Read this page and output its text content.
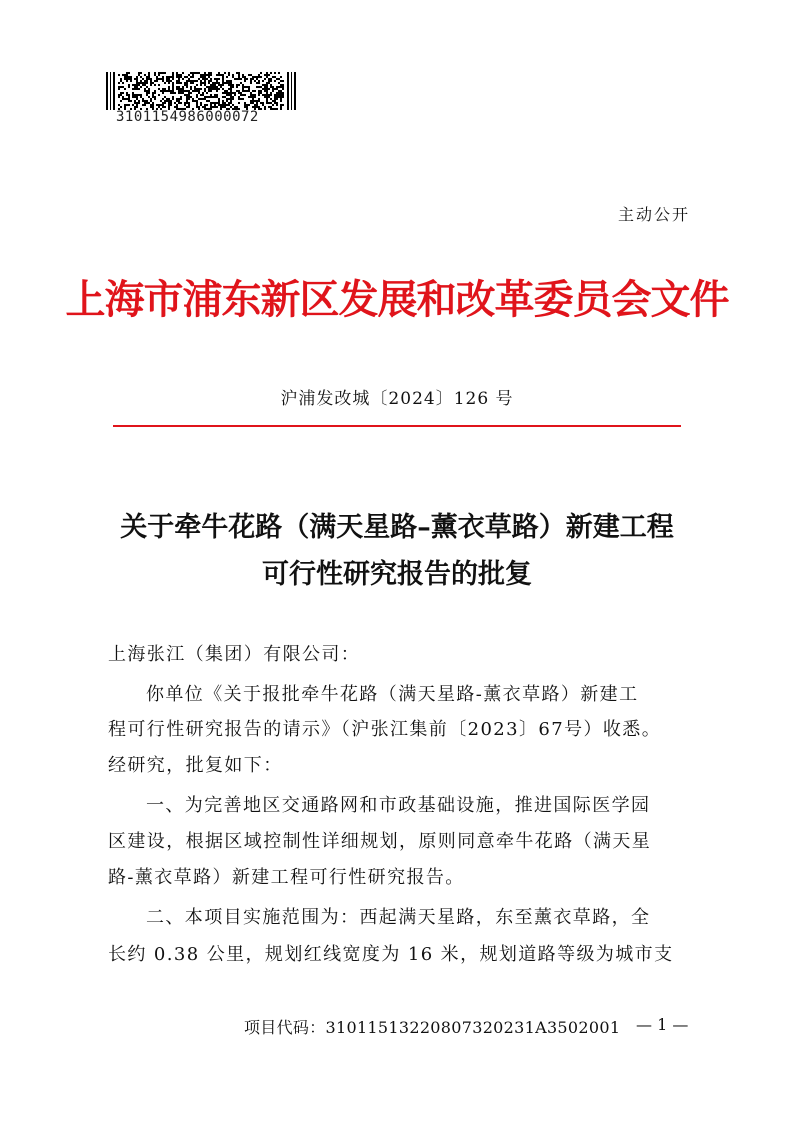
3101154986000072
主动公开
上海市浦东新区发展和改革委员会文件
沪浦发改城〔2024〕126 号
关于牵牛花路（满天星路–薰衣草路）新建工程
可行性研究报告的批复
上海张江（集团）有限公司：
你单位《关于报批牵牛花路（满天星路-薰衣草路）新建工
程可行性研究报告的请示》（沪张江集前〔2023〕67号）收悉。
经研究，批复如下：
一、为完善地区交通路网和市政基础设施，推进国际医学园
区建设，根据区域控制性详细规划，原则同意牵牛花路（满天星
路-薰衣草路）新建工程可行性研究报告。
二、本项目实施范围为：西起满天星路，东至薰衣草路，全
长约 0.38 公里，规划红线宽度为 16 米，规划道路等级为城市支
项目代码：31011513220807320231A3502001 — 1 —
